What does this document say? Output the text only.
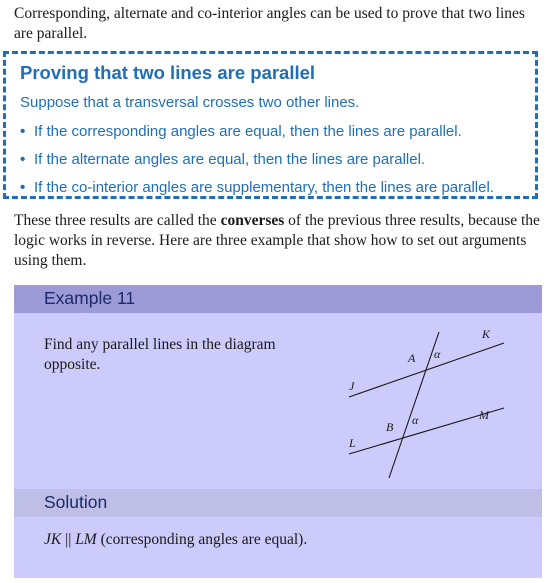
Corresponding, alternate and co-interior angles can be used to prove that two lines are parallel.

Proving that two lines are parallel
Suppose that a transversal crosses two other lines.
• If the corresponding angles are equal, then the lines are parallel.
• If the alternate angles are equal, then the lines are parallel.
• If the co-interior angles are supplementary, then the lines are parallel.

These three results are called the converses of the previous three results, because the logic works in reverse. Here are three example that show how to set out arguments using them.

Example 11

Find any parallel lines in the diagram opposite.

K
A α
J
B α	M
L
Solution

JK || LM (corresponding angles are equal).
